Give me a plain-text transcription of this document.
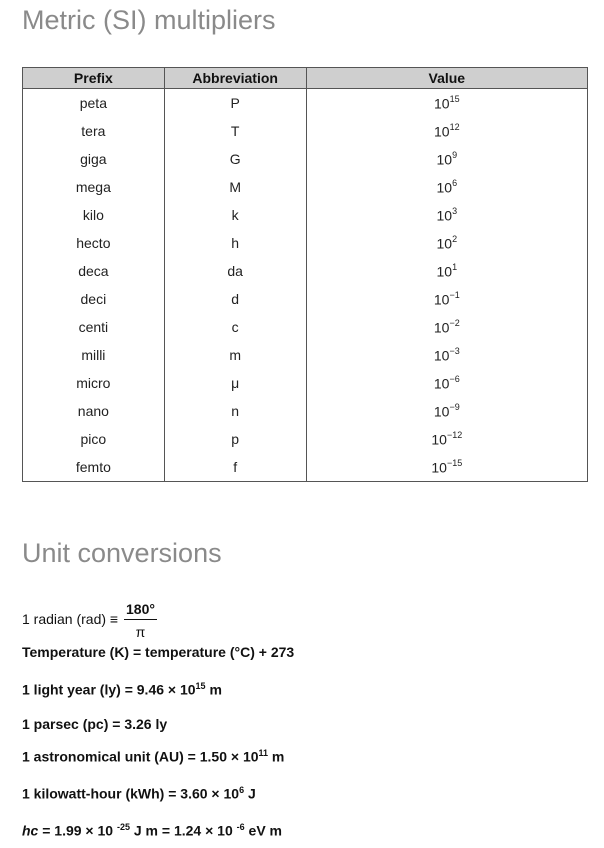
Metric (SI) multipliers
Prefix	Abbreviation	Value
peta	P	$10^{15}$
tera	T	$10^{12}$
giga	G	$10^9$
mega	M	$10^6$
kilo	k	$10^3$
hecto	h	$10^2$
deca	da	$10^1$
deci	d	$10^{-1}$
centi	c	$10^{-2}$
milli	m	$10^{-3}$
micro	μ	$10^{-6}$
nano	n	$10^{-9}$
pico	p	$10^{-12}$
femto	f	$10^{-15}$
Unit conversions
1 radian $(rad) \equiv \frac{180^\circ}{\pi}$
Temperature (K) = temperature (°C) + 273
1 light year $(ly) = 9.46 \times 10^{15}$ m
1 parsec (pc) = 3.26 ly
1 astronomical unit $(AU) = 1.50 \times 10^{11}$ m
1 kilowatt-hour $(kWh) = 3.60 \times 10^6$ J
hc = 1.99 × 10 $^{-25}$ J m = 1.24 × 10 $^{-6}$ eV m
